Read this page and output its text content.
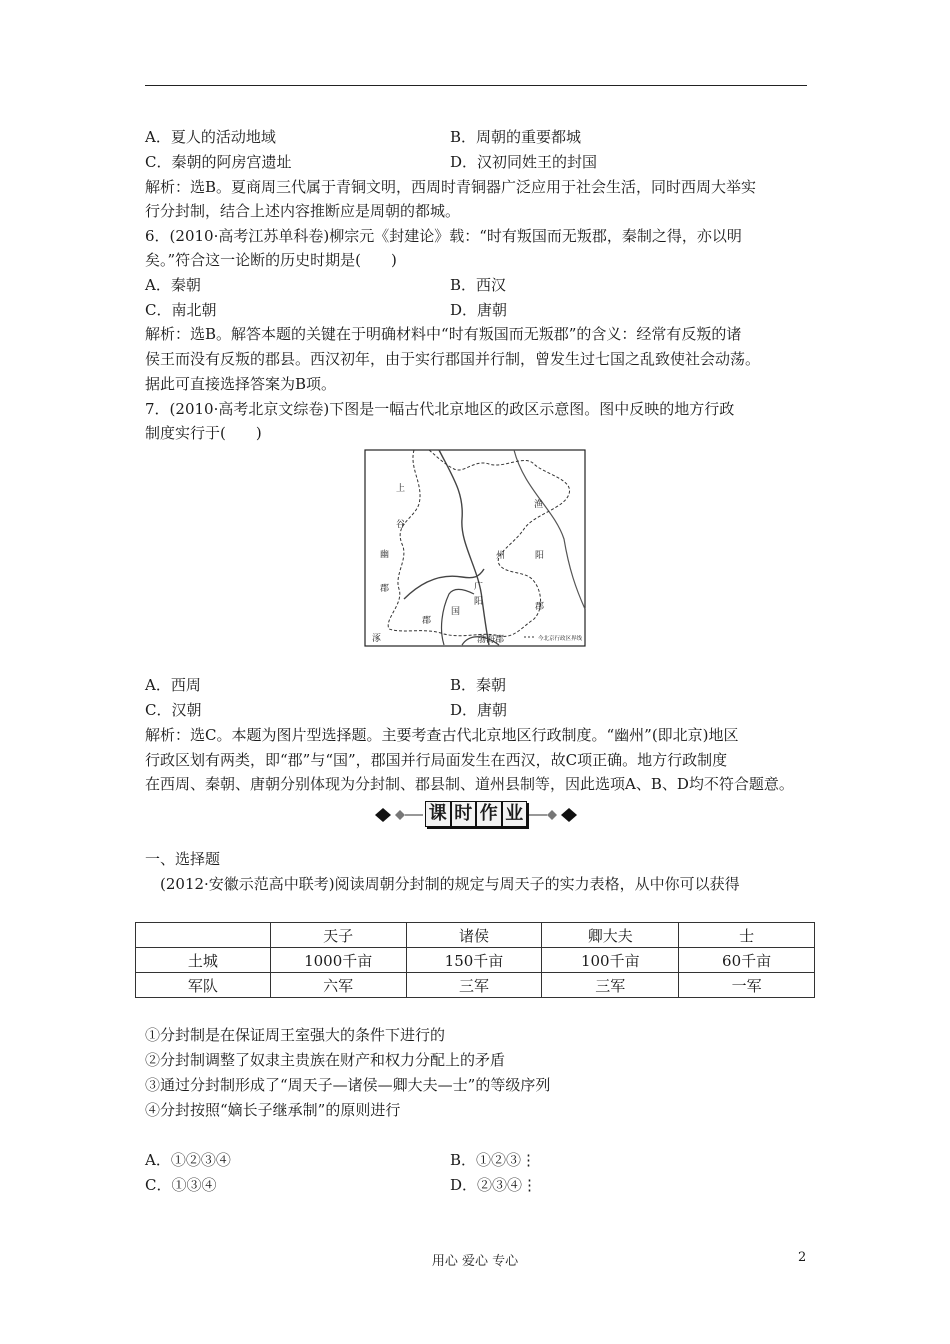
A．夏人的活动地域	B．周朝的重要都城
C．秦朝的阿房宫遗址	D．汉初同姓王的封国
解析：选B。夏商周三代属于青铜文明，西周时青铜器广泛应用于社会生活，同时西周大举实
行分封制，结合上述内容推断应是周朝的都城。
6．(2010·高考江苏单科卷)柳宗元《封建论》载：“时有叛国而无叛郡，秦制之得，亦以明
矣。”符合这一论断的历史时期是(　　)
A．秦朝	B．西汉
C．南北朝	D．唐朝
解析：选B。解答本题的关键在于明确材料中“时有叛国而无叛郡”的含义：经常有反叛的诸
侯王而没有反叛的郡县。西汉初年，由于实行郡国并行制，曾发生过七国之乱致使社会动荡。
据此可直接选择答案为B项。
7．(2010·高考北京文综卷)下图是一幅古代北京地区的政区示意图。图中反映的地方行政
制度实行于(　　)
上
谷
幽
郡
渔
州	阳
郡
广
阳
国
郡
涿	渤海郡	今北京行政区界线
A．西周	B．秦朝
C．汉朝	D．唐朝
解析：选C。本题为图片型选择题。主要考查古代北京地区行政制度。“幽州”(即北京)地区
行政区划有两类，即“郡”与“国”，郡国并行局面发生在西汉，故C项正确。地方行政制度
在西周、秦朝、唐朝分别体现为分封制、郡县制、道州县制等，因此选项A、B、D均不符合题意。
课 时 作 业
一、选择题
(2012·安徽示范高中联考)阅读周朝分封制的规定与周天子的实力表格，从中你可以获得
	天子	诸侯	卿大夫	士
土城	1000千亩	150千亩	100千亩	60千亩
军队	六军	三军	三军	一军
①分封制是在保证周王室强大的条件下进行的
②分封制调整了奴隶主贵族在财产和权力分配上的矛盾
③通过分封制形成了“周天子—诸侯—卿大夫—士”的等级序列
④分封按照“嫡长子继承制”的原则进行
A．①②③④	B．①②③⋮
C．①③④	D．②③④⋮
用心 爱心 专心	2
